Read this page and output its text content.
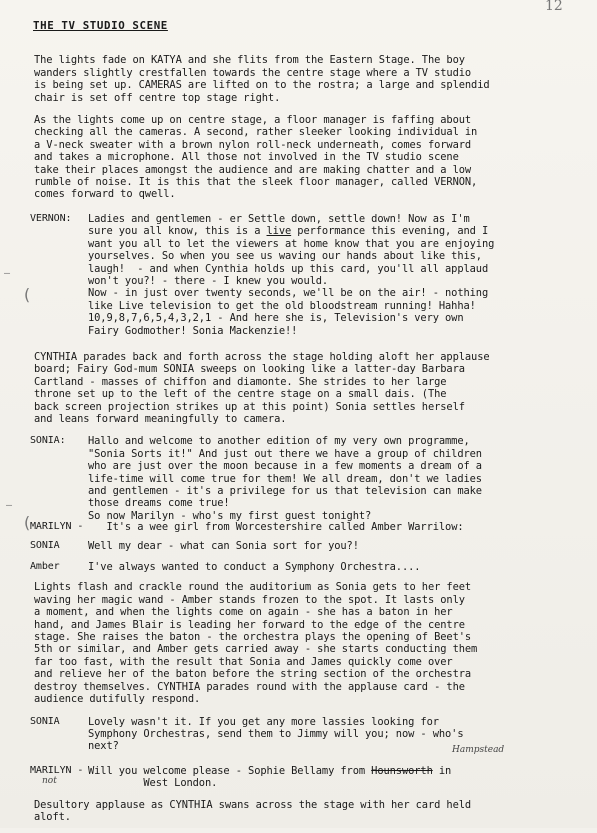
12
THE TV STUDIO SCENE

The lights fade on KATYA and she flits from the Eastern Stage. The boy
wanders slightly crestfallen towards the centre stage where a TV studio
is being set up. CAMERAS are lifted on to the rostra; a large and splendid
chair is set off centre top stage right.

As the lights come up on centre stage, a floor manager is faffing about
checking all the cameras. A second, rather sleeker looking individual in
a V-neck sweater with a brown nylon roll-neck underneath, comes forward
and takes a microphone. All those not involved in the TV studio scene
take their places amongst the audience and are making chatter and a low
rumble of noise. It is this that the sleek floor manager, called VERNON,
comes forward to qwell.

VERNON:	Ladies and gentlemen - er Settle down, settle down! Now as I'm
sure you all know, this is a live performance this evening, and I
want you all to let the viewers at home know that you are enjoying
yourselves. So when you see us waving our hands about like this,
laugh!  - and when Cynthia holds up this card, you'll all applaud
won't you?! - there - I knew you would.
Now - in just over twenty seconds, we'll be on the air! - nothing
like Live television to get the old bloodstream running! Hahha!
10,9,8,7,6,5,4,3,2,1 - And here she is, Television's very own
Fairy Godmother! Sonia Mackenzie!!

CYNTHIA parades back and forth across the stage holding aloft her applause
board; Fairy God-mum SONIA sweeps on looking like a latter-day Barbara
Cartland - masses of chiffon and diamonte. She strides to her large
throne set up to the left of the centre stage on a small dais. (The
back screen projection strikes up at this point) Sonia settles herself
and leans forward meaningfully to camera.

SONIA:	Hallo and welcome to another edition of my very own programme,
"Sonia Sorts it!" And just out there we have a group of children
who are just over the moon because in a few moments a dream of a
life-time will come true for them! We all dream, don't we ladies
and gentlemen - it's a privilege for us that television can make
those dreams come true!
So now Marilyn - who's my first guest tonight?
MARILYN - It's a wee girl from Worcestershire called Amber Warrilow:
SONIA	Well my dear - what can Sonia sort for you?!
Amber	I've always wanted to conduct a Symphony Orchestra....

Lights flash and crackle round the auditorium as Sonia gets to her feet
waving her magic wand - Amber stands frozen to the spot. It lasts only
a moment, and when the lights come on again - she has a baton in her
hand, and James Blair is leading her forward to the edge of the centre
stage. She raises the baton - the orchestra plays the opening of Beet's
5th or similar, and Amber gets carried away - she starts conducting them
far too fast, with the result that Sonia and James quickly come over
and relieve her of the baton before the string section of the orchestra
destroy themselves. CYNTHIA parades round with the applause card - the
audience dutifully respond.

SONIA	Lovely wasn't it. If you get any more lassies looking for
Symphony Orchestras, send them to Jimmy will you; now - who's
next?
MARILYN - Will you welcome please - Sophie Bellamy from Hounsworth in
West London.

Desultory applause as CYNTHIA swans across the stage with her card held
aloft.

Hampstead
not
—
(
—
(
